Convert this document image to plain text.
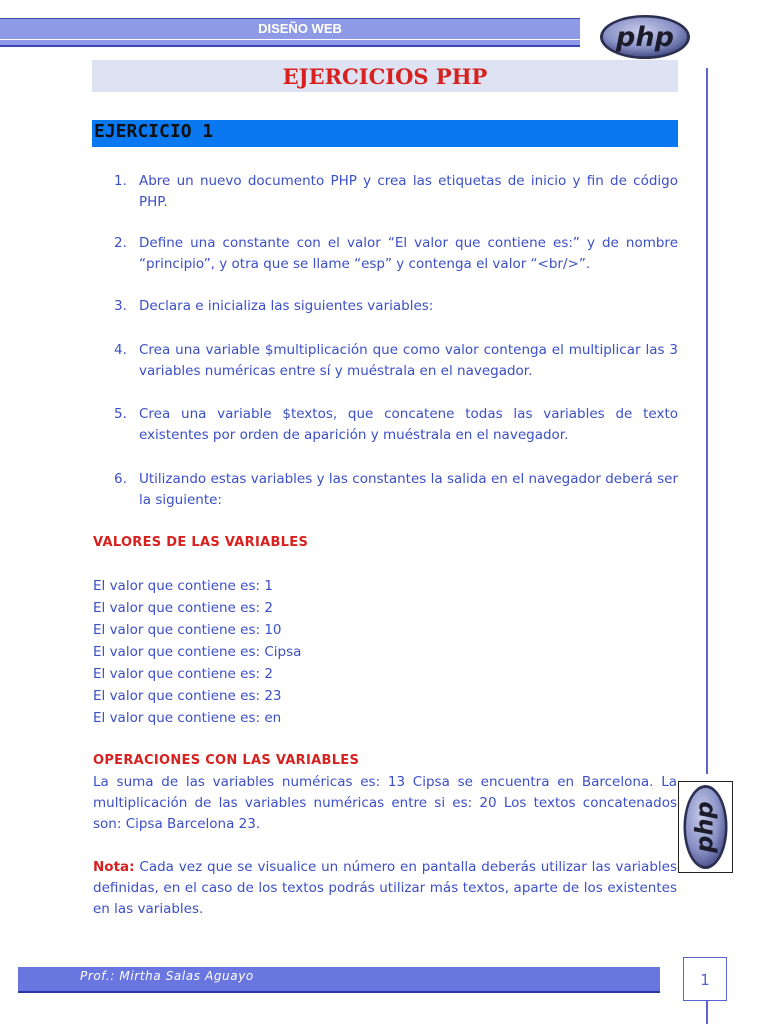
DISEÑO WEB	php
EJERCICIOS PHP
EJERCICIO 1
1. Abre un nuevo documento PHP y crea las etiquetas de inicio y fin de código PHP.
2. Define una constante con el valor “El valor que contiene es:” y de nombre “principio”, y otra que se llame “esp” y contenga el valor “<br/>”.
3. Declara e inicializa las siguientes variables:
4. Crea una variable $multiplicación que como valor contenga el multiplicar las 3 variables numéricas entre sí y muéstrala en el navegador.
5. Crea una variable $textos, que concatene todas las variables de texto existentes por orden de aparición y muéstrala en el navegador.
6. Utilizando estas variables y las constantes la salida en el navegador deberá ser la siguiente:
VALORES DE LAS VARIABLES
El valor que contiene es: 1
El valor que contiene es: 2
El valor que contiene es: 10
El valor que contiene es: Cipsa
El valor que contiene es: 2
El valor que contiene es: 23
El valor que contiene es: en
OPERACIONES CON LAS VARIABLES
La suma de las variables numéricas es: 13 Cipsa se encuentra en Barcelona. La multiplicación de las variables numéricas entre si es: 20 Los textos concatenados son: Cipsa Barcelona 23.
Nota: Cada vez que se visualice un número en pantalla deberás utilizar las variables definidas, en el caso de los textos podrás utilizar más textos, aparte de los existentes en las variables.
php
Prof.: Mirtha Salas Aguayo	1
